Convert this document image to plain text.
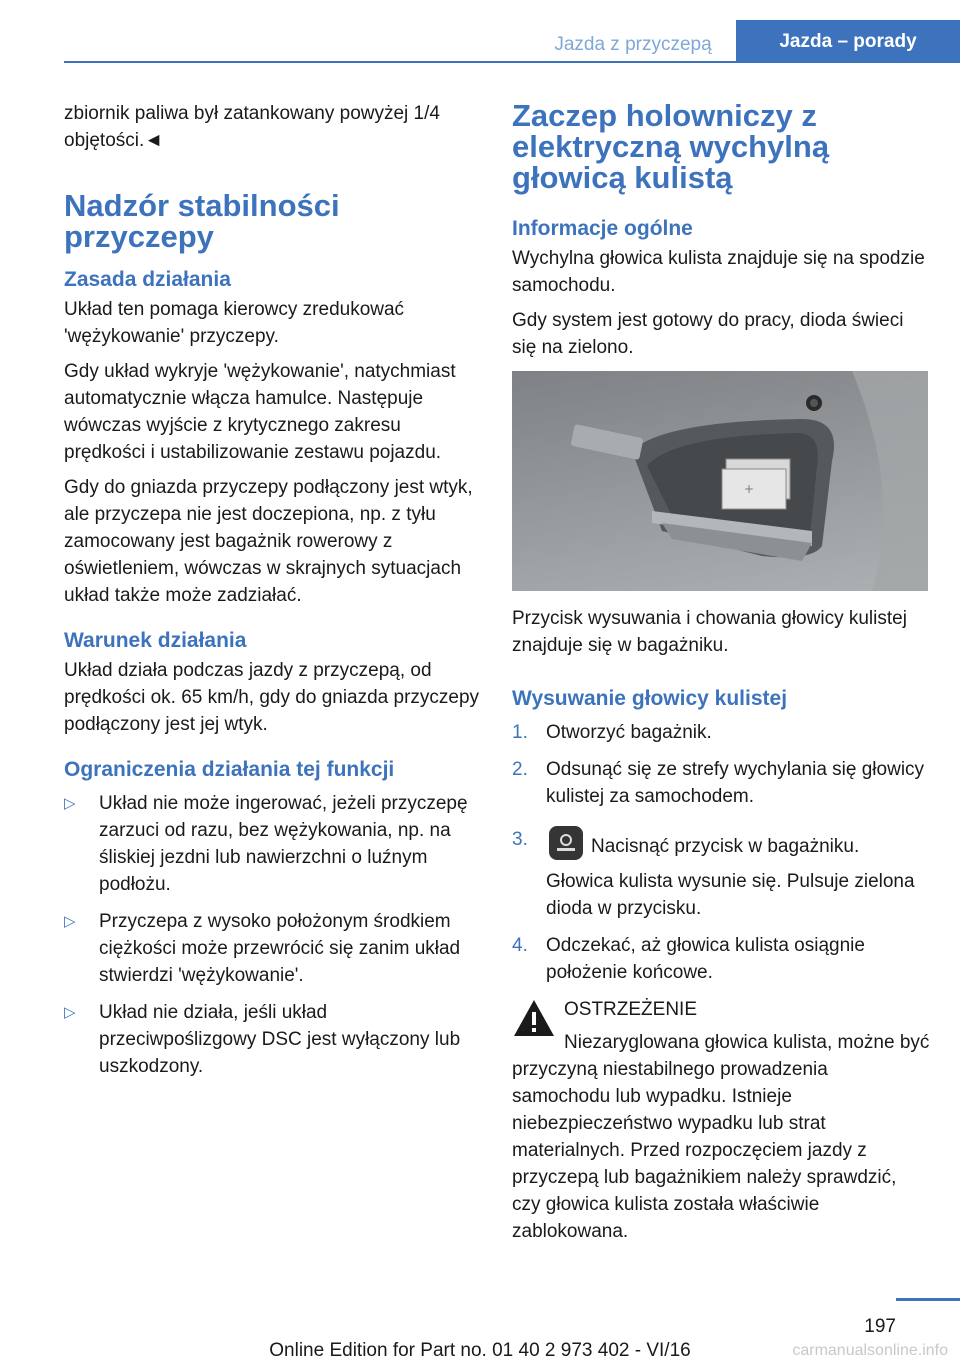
Jazda z przyczepą	Jazda – porady

zbiornik paliwa był zatankowany powyżej 1/4 objętości.◄

Nadzór stabilności przyczepy
Zasada działania

Układ ten pomaga kierowcy zredukować 'wężykowanie' przyczepy.

Gdy układ wykryje 'wężykowanie', natychmiast automatycznie włącza hamulce. Następuje wówczas wyjście z krytycznego zakresu prędkości i ustabilizowanie zestawu pojazdu.

Gdy do gniazda przyczepy podłączony jest wtyk, ale przyczepa nie jest doczepiona, np. z tyłu zamocowany jest bagażnik rowerowy z oświetleniem, wówczas w skrajnych sytuacjach układ także może zadziałać.

Warunek działania

Układ działa podczas jazdy z przyczepą, od prędkości ok. 65 km/h, gdy do gniazda przyczepy podłączony jest jej wtyk.

Ograniczenia działania tej funkcji
▷ Układ nie może ingerować, jeżeli przyczepę zarzuci od razu, bez wężykowania, np. na śliskiej jezdni lub nawierzchni o luźnym podłożu.
▷ Przyczepa z wysoko położonym środkiem ciężkości może przewrócić się zanim układ stwierdzi 'wężykowanie'.
▷ Układ nie działa, jeśli układ przeciwpoślizgowy DSC jest wyłączony lub uszkodzony.
Zaczep holowniczy z elektryczną wychylną głowicą kulistą
Informacje ogólne

Wychylna głowica kulista znajduje się na spodzie samochodu.

Gdy system jest gotowy do pracy, dioda świeci się na zielono.

+

Przycisk wysuwania i chowania głowicy kulistej znajduje się w bagażniku.

Wysuwanie głowicy kulistej
1. Otworzyć bagażnik.
2. Odsunąć się ze strefy wychylania się głowicy kulistej za samochodem.
3.	Nacisnąć przycisk w bagażniku.
Głowica kulista wysunie się. Pulsuje zielona dioda w przycisku.
4. Odczekać, aż głowica kulista osiągnie położenie końcowe.
OSTRZEŻENIE
Niezaryglowana głowica kulista, możne być przyczyną niestabilnego prowadzenia samochodu lub wypadku. Istnieje niebezpieczeństwo wypadku lub strat materialnych. Przed rozpoczęciem jazdy z przyczepą lub bagażnikiem należy sprawdzić, czy głowica kulista została właściwie zablokowana.
197
Online Edition for Part no. 01 40 2 973 402 - VI/16	carmanualsonline.info
